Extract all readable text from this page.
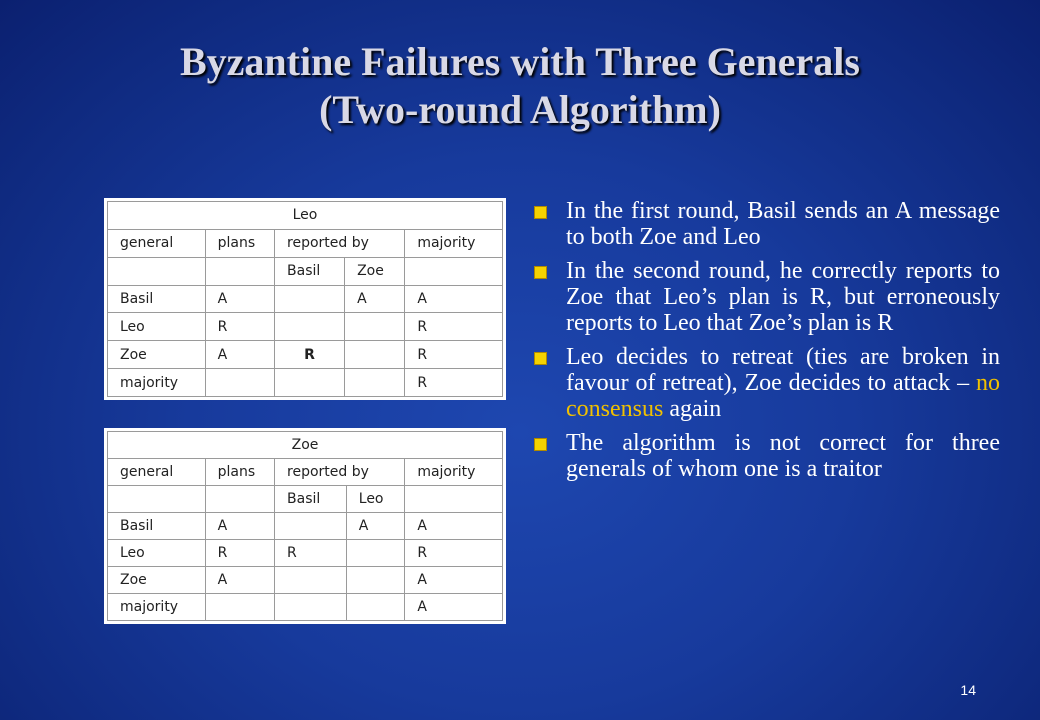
Byzantine Failures with Three Generals
(Two-round Algorithm)
Leo				
general	plans	reported by		majority
		Basil	Zoe	
Basil	A		A	A
Leo	R			R
Zoe	A	R		R
majority				R
Zoe				
general	plans	reported by		majority
		Basil	Leo	
Basil	A		A	A
Leo	R	R		R
Zoe	A			A
majority				A
In the first round, Basil sends an A message to both Zoe and Leo
In the second round, he correctly reports to Zoe that Leo’s plan is R, but erroneously reports to Leo that Zoe’s plan is R
Leo decides to retreat (ties are broken in favour of retreat), Zoe decides to attack – no consensus again
The algorithm is not correct for three generals of whom one is a traitor
14
